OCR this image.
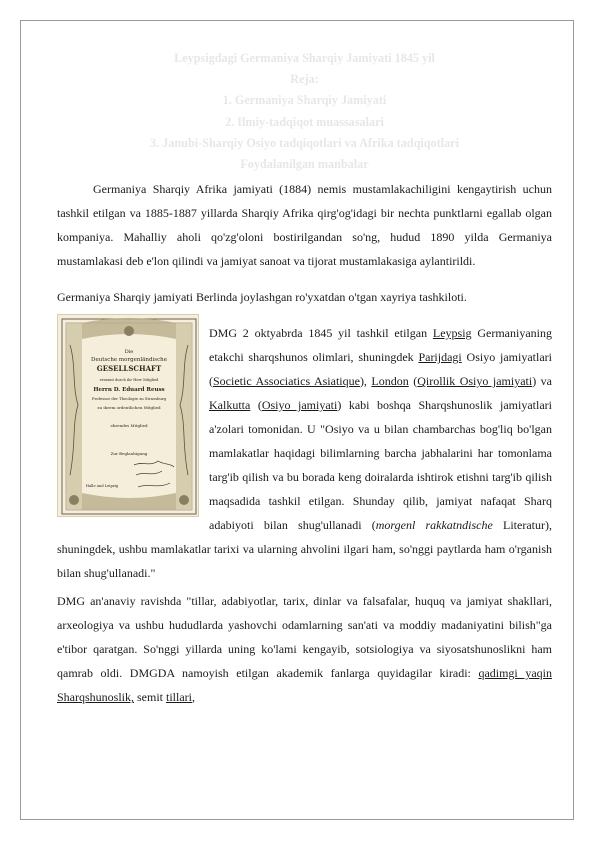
Leypsigdagi Germaniya Sharqiy Jamiyati 1845 yil
Reja:
1. Germaniya Sharqiy Jamiyati
2. Ilmiy-tadqiqot muassasalari
3. Janubi-Sharqiy Osiyo tadqiqotlari va Afrika tadqiqotlari
Foydalanilgan manbalar

Germaniya Sharqiy Afrika jamiyati (1884) nemis mustamlakachiligini kengaytirish uchun tashkil etilgan va 1885-1887 yillarda Sharqiy Afrika qirg'og'idagi bir nechta punktlarni egallab olgan kompaniya. Mahalliy aholi qo'zg'oloni bostirilgandan so'ng, hudud 1890 yilda Germaniya mustamlakasi deb e'lon qilindi va jamiyat sanoat va tijorat mustamlakasiga aylantirildi.

Germaniya Sharqiy jamiyati Berlinda joylashgan ro'yxatdan o'tgan xayriya tashkiloti.

Die
Deutsche morgenländische
GESELLSCHAFT
ernennt durch ihr Herr Mitglied
Herrn D. Eduard Reuss
Professor der Theologie zu Strassburg
zu ihrem ordentlichen Mitglied
ehrendes Mitglied
Zur Beglaubigung
Halle und Leipzig

DMG 2 oktyabrda 1845 yil tashkil etilgan Leypsig Germaniyaning etakchi sharqshunos olimlari, shuningdek Parijdagi Osiyo jamiyatlari (Societic Associatics Asiatique), London (Qirollik Osiyo jamiyati) va Kalkutta (Osiyo jamiyati) kabi boshqa Sharqshunoslik jamiyatlari a'zolari tomonidan. U "Osiyo va u bilan chambarchas bog'liq bo'lgan mamlakatlar haqidagi bilimlarning barcha jabhalarini har tomonlama targ'ib qilish va bu borada keng doiralarda ishtirok etishni targ'ib qilish maqsadida tashkil etilgan. Shunday qilib, jamiyat nafaqat Sharq adabiyoti bilan shug'ullanadi (morgenl rakkatndische Literatur), shuningdek, ushbu mamlakatlar tarixi va ularning ahvolini ilgari ham, so'nggi paytlarda ham o'rganish bilan shug'ullanadi."

DMG an'anaviy ravishda "tillar, adabiyotlar, tarix, dinlar va falsafalar, huquq va jamiyat shakllari, arxeologiya va ushbu hududlarda yashovchi odamlarning san'ati va moddiy madaniyatini bilish"ga e'tibor qaratgan. So'nggi yillarda uning ko'lami kengayib, sotsiologiya va siyosatshunoslikni ham qamrab oldi. DMGDA namoyish etilgan akademik fanlarga quyidagilar kiradi: qadimgi yaqin Sharqshunoslik, semit tillari,
